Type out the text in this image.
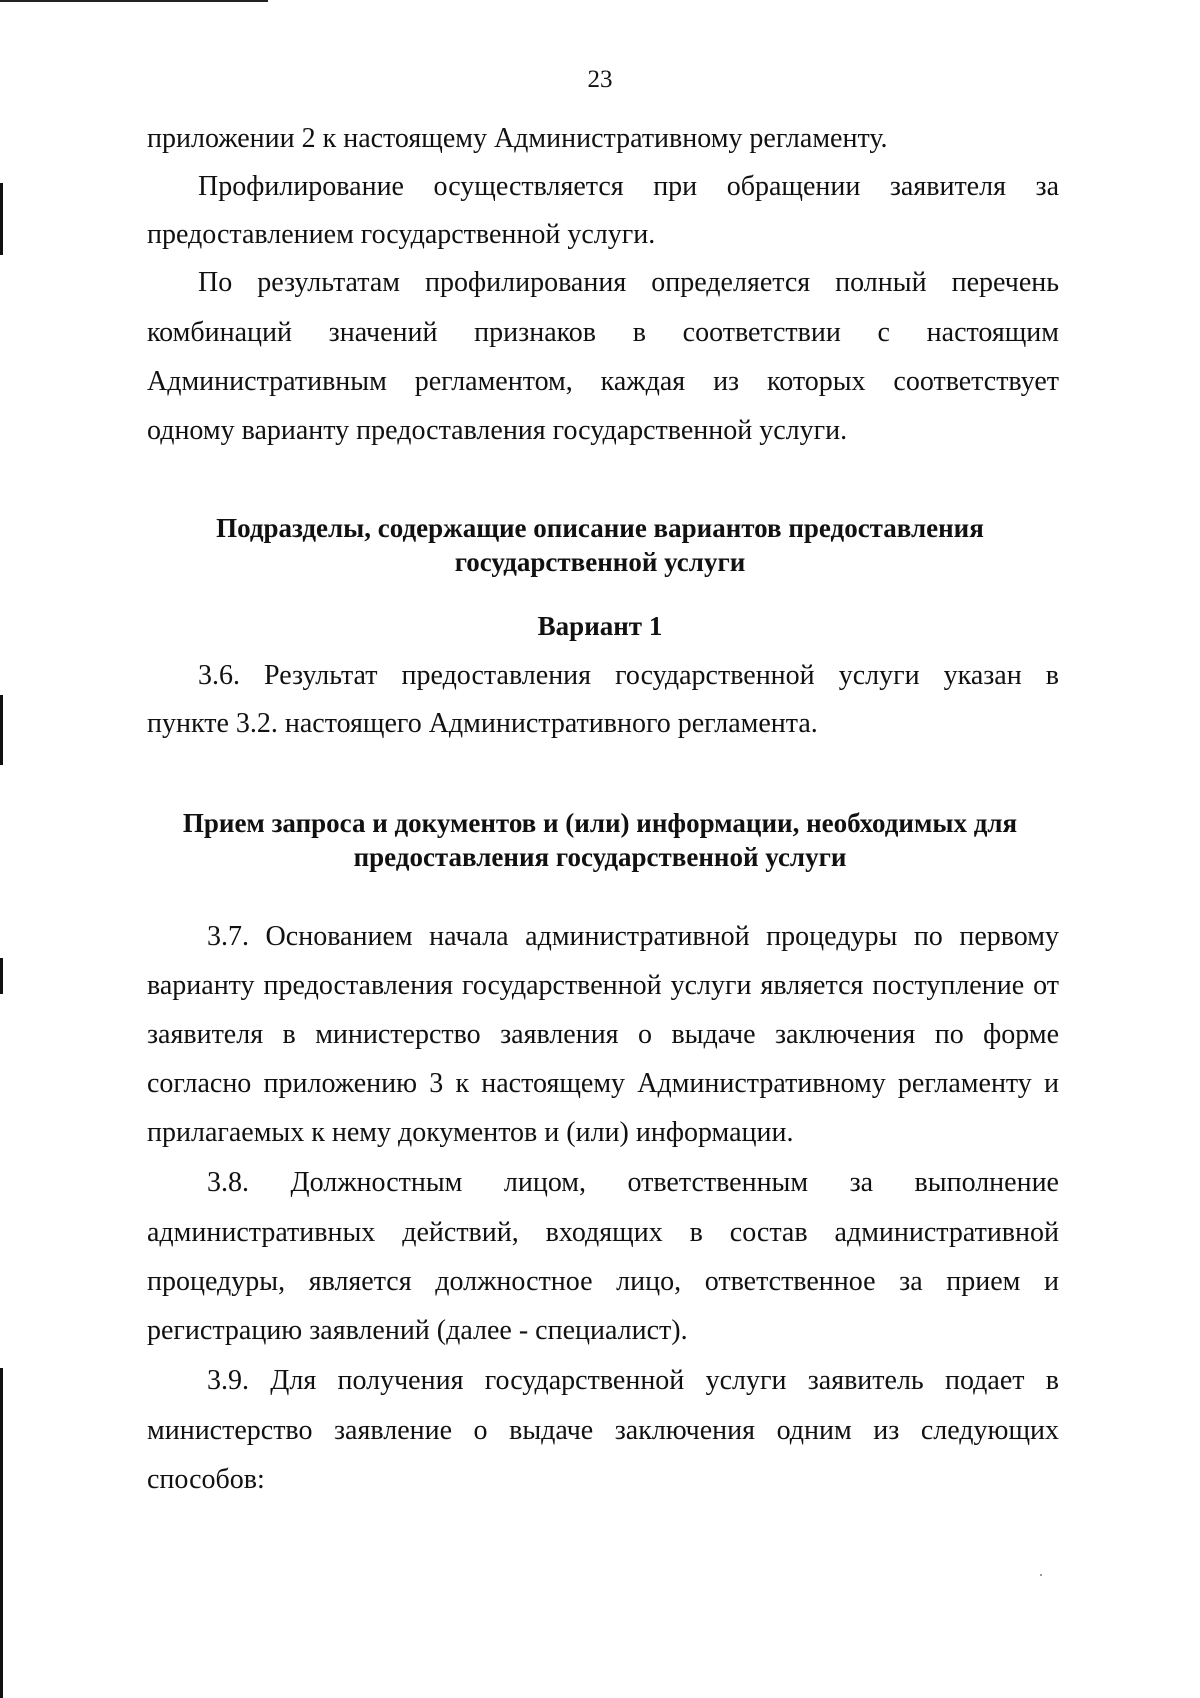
23
приложении 2 к настоящему Административному регламенту.
Профилирование осуществляется при обращении заявителя за
предоставлением государственной услуги.
По результатам профилирования определяется полный перечень
комбинаций значений признаков в соответствии с настоящим
Административным регламентом, каждая из которых соответствует
одному варианту предоставления государственной услуги.
Подразделы, содержащие описание вариантов предоставления
государственной услуги
Вариант 1
3.6. Результат предоставления государственной услуги указан в
пункте 3.2. настоящего Административного регламента.
Прием запроса и документов и (или) информации, необходимых для
предоставления государственной услуги
3.7. Основанием начала административной процедуры по первому
варианту предоставления государственной услуги является поступление от
заявителя в министерство заявления о выдаче заключения по форме
согласно приложению 3 к настоящему Административному регламенту и
прилагаемых к нему документов и (или) информации.
3.8. Должностным лицом, ответственным за выполнение
административных действий, входящих в состав административной
процедуры, является должностное лицо, ответственное за прием и
регистрацию заявлений (далее - специалист).
3.9. Для получения государственной услуги заявитель подает в
министерство заявление о выдаче заключения одним из следующих
способов:
